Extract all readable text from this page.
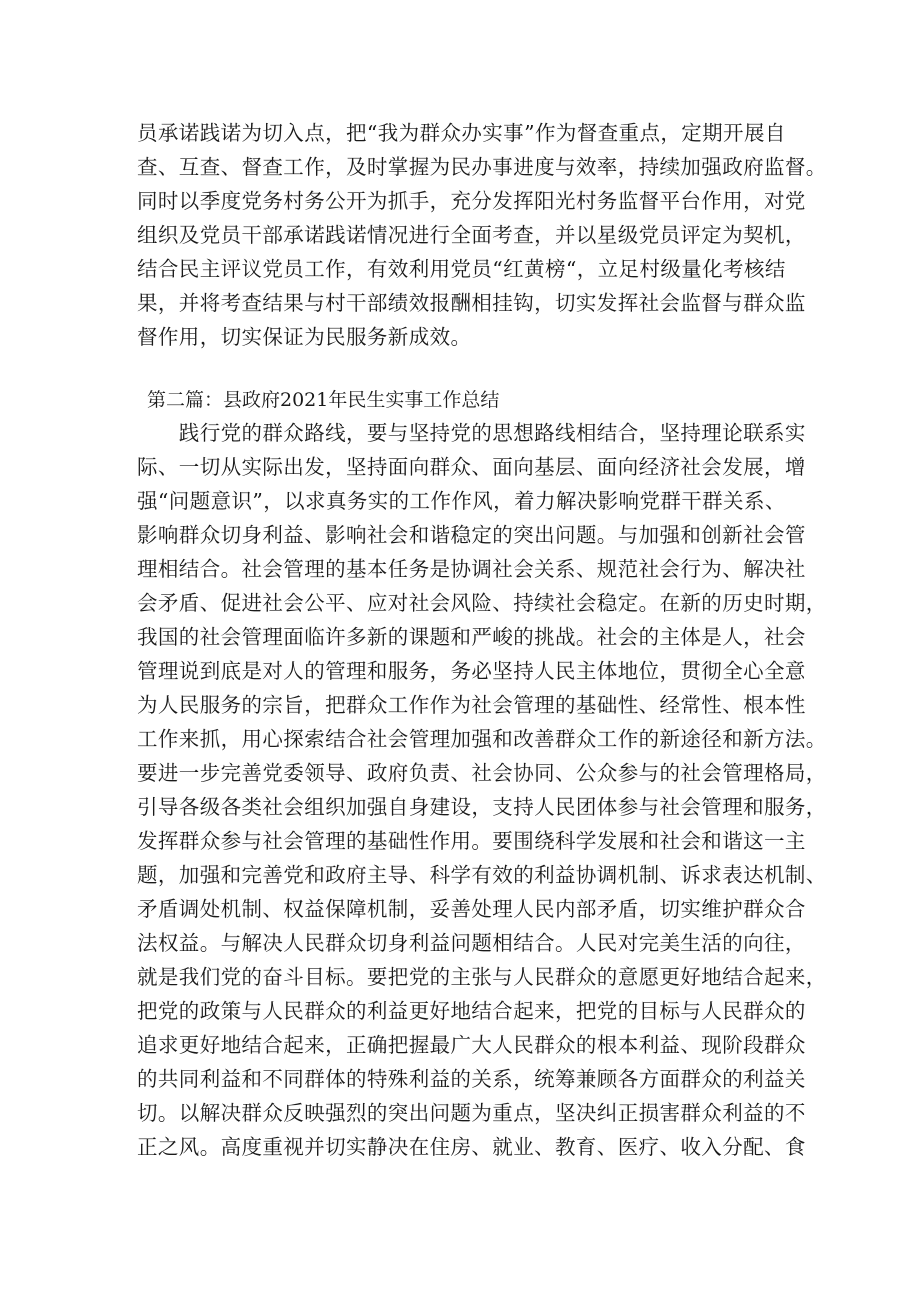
员承诺践诺为切入点，把“我为群众办实事”作为督查重点，定期开展自
查、互查、督查工作，及时掌握为民办事进度与效率，持续加强政府监督。
同时以季度党务村务公开为抓手，充分发挥阳光村务监督平台作用，对党
组织及党员干部承诺践诺情况进行全面考查，并以星级党员评定为契机，
结合民主评议党员工作，有效利用党员“红黄榜“，立足村级量化考核结
果，并将考查结果与村干部绩效报酬相挂钩，切实发挥社会监督与群众监
督作用，切实保证为民服务新成效。
第二篇：县政府2021年民生实事工作总结
　　践行党的群众路线，要与坚持党的思想路线相结合，坚持理论联系实
际、一切从实际出发，坚持面向群众、面向基层、面向经济社会发展，增
强“问题意识”，以求真务实的工作作风，着力解决影响党群干群关系、
影响群众切身利益、影响社会和谐稳定的突出问题。与加强和创新社会管
理相结合。社会管理的基本任务是协调社会关系、规范社会行为、解决社
会矛盾、促进社会公平、应对社会风险、持续社会稳定。在新的历史时期，
我国的社会管理面临许多新的课题和严峻的挑战。社会的主体是人，社会
管理说到底是对人的管理和服务，务必坚持人民主体地位，贯彻全心全意
为人民服务的宗旨，把群众工作作为社会管理的基础性、经常性、根本性
工作来抓，用心探索结合社会管理加强和改善群众工作的新途径和新方法。
要进一步完善党委领导、政府负责、社会协同、公众参与的社会管理格局，
引导各级各类社会组织加强自身建设，支持人民团体参与社会管理和服务，
发挥群众参与社会管理的基础性作用。要围绕科学发展和社会和谐这一主
题，加强和完善党和政府主导、科学有效的利益协调机制、诉求表达机制、
矛盾调处机制、权益保障机制，妥善处理人民内部矛盾，切实维护群众合
法权益。与解决人民群众切身利益问题相结合。人民对完美生活的向往，
就是我们党的奋斗目标。要把党的主张与人民群众的意愿更好地结合起来，
把党的政策与人民群众的利益更好地结合起来，把党的目标与人民群众的
追求更好地结合起来，正确把握最广大人民群众的根本利益、现阶段群众
的共同利益和不同群体的特殊利益的关系，统筹兼顾各方面群众的利益关
切。以解决群众反映强烈的突出问题为重点，坚决纠正损害群众利益的不
正之风。高度重视并切实静决在住房、就业、教育、医疗、收入分配、食
